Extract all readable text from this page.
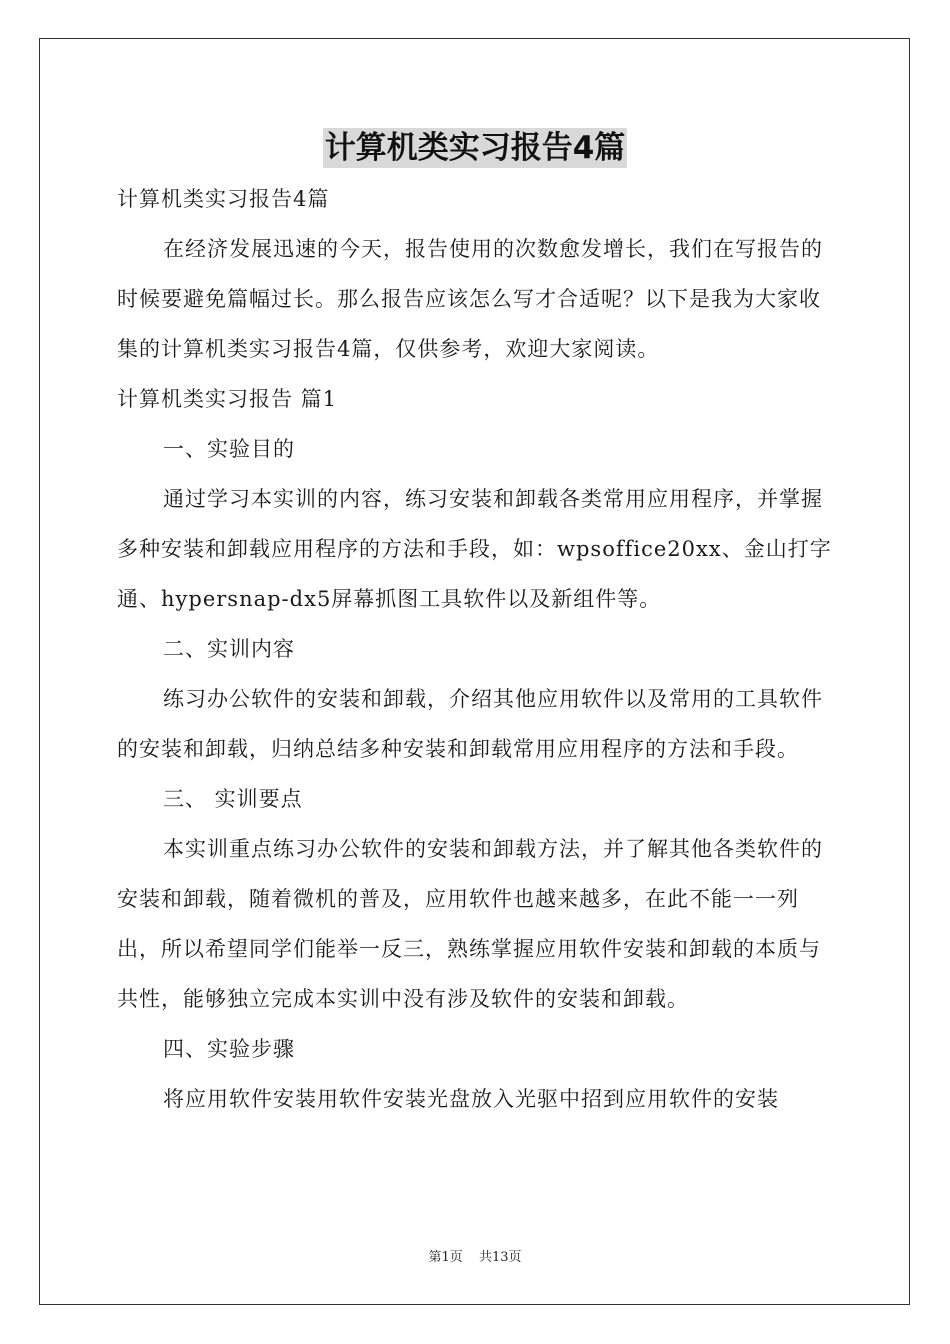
计算机类实习报告4篇

计算机类实习报告4篇

在经济发展迅速的今天，报告使用的次数愈发增长，我们在写报告的时候要避免篇幅过长。那么报告应该怎么写才合适呢？以下是我为大家收集的计算机类实习报告4篇，仅供参考，欢迎大家阅读。

计算机类实习报告 篇1

一、实验目的

通过学习本实训的内容，练习安装和卸载各类常用应用程序，并掌握多种安装和卸载应用程序的方法和手段，如：wpsoffice20xx、金山打字通、hypersnap-dx5屏幕抓图工具软件以及新组件等。

二、实训内容

练习办公软件的安装和卸载，介绍其他应用软件以及常用的工具软件的安装和卸载，归纳总结多种安装和卸载常用应用程序的方法和手段。

三、 实训要点

本实训重点练习办公软件的安装和卸载方法，并了解其他各类软件的安装和卸载，随着微机的普及，应用软件也越来越多，在此不能一一列出，所以希望同学们能举一反三，熟练掌握应用软件安装和卸载的本质与共性，能够独立完成本实训中没有涉及软件的安装和卸载。

四、实验步骤

将应用软件安装用软件安装光盘放入光驱中招到应用软件的安装

第1页 共13页
